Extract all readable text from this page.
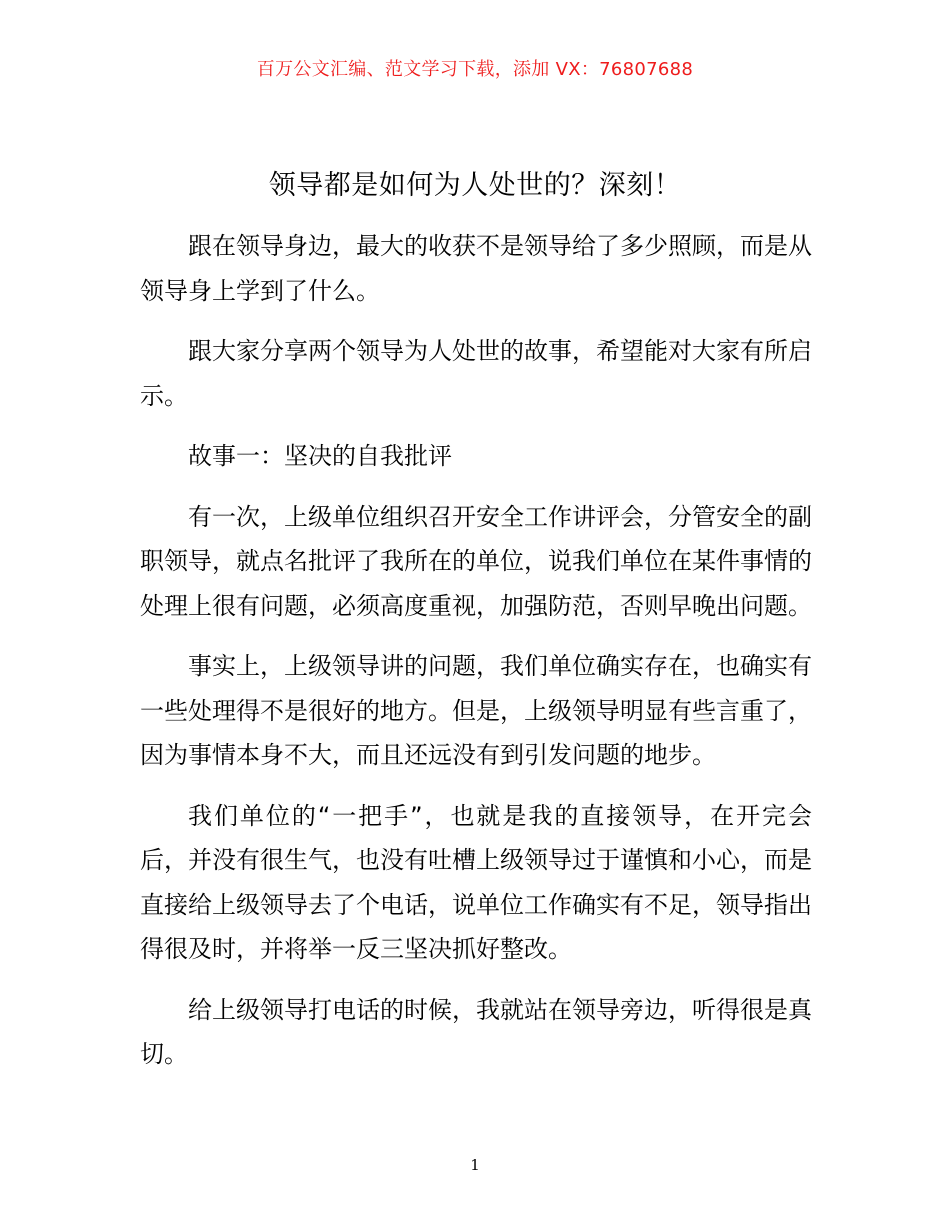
百万公文汇编、范文学习下载，添加 VX：76807688
领导都是如何为人处世的？深刻！

跟在领导身边，最大的收获不是领导给了多少照顾，而是从领导身上学到了什么。

跟大家分享两个领导为人处世的故事，希望能对大家有所启示。

故事一：坚决的自我批评

有一次，上级单位组织召开安全工作讲评会，分管安全的副职领导，就点名批评了我所在的单位，说我们单位在某件事情的处理上很有问题，必须高度重视，加强防范，否则早晚出问题。

事实上，上级领导讲的问题，我们单位确实存在，也确实有一些处理得不是很好的地方。但是，上级领导明显有些言重了，因为事情本身不大，而且还远没有到引发问题的地步。

我们单位的“一把手”，也就是我的直接领导，在开完会后，并没有很生气，也没有吐槽上级领导过于谨慎和小心，而是直接给上级领导去了个电话，说单位工作确实有不足，领导指出得很及时，并将举一反三坚决抓好整改。

给上级领导打电话的时候，我就站在领导旁边，听得很是真切。

1
